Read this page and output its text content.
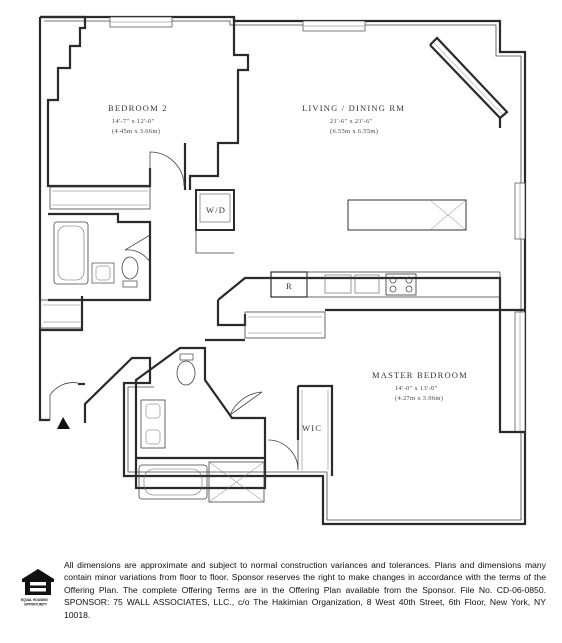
W/D
R
WIC
BEDROOM 2
14'-7" x 12'-0"
(4.45m x 3.66m)
LIVING / DINING RM
21'-6" x 21'-6"
(6.55m x 6.55m)
MASTER BEDROOM
14'-0" x 13'-0"
(4.27m x 3.96m)
EQUAL HOUSING
OPPORTUNITY
All dimensions are approximate and subject to normal construction variances and tolerances. Plans and dimensions many contain minor variations from floor to floor. Sponsor reserves the right to make changes in accordance with the terms of the Offering Plan. The complete Offering Terms are in the Offering Plan available from the Sponsor. File No. CD-06-0850. SPONSOR: 75 WALL ASSOCIATES, LLC., c/o The Hakimian Organization, 8 West 40th Street, 6th Floor, New York, NY 10018.
